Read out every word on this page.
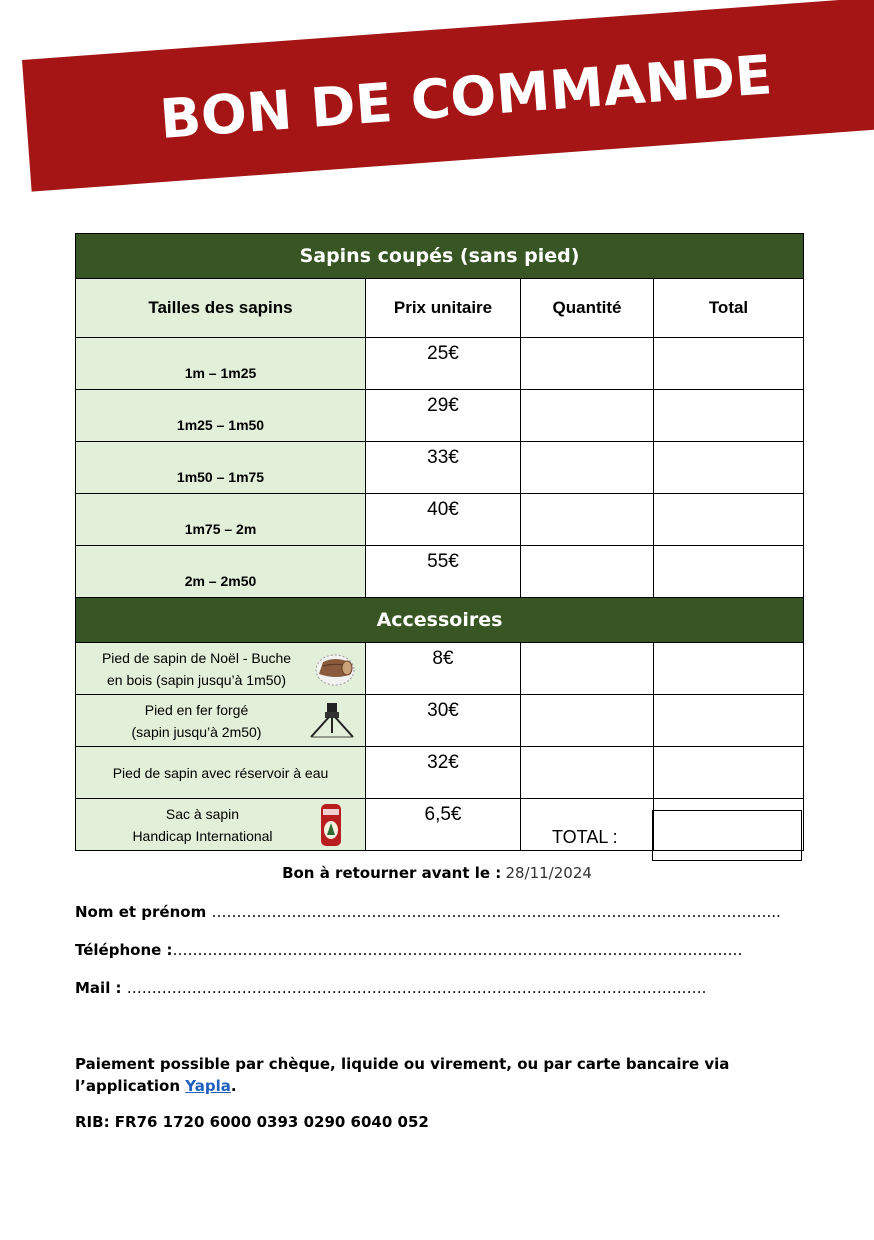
BON DE COMMANDE
Sapins coupés (sans pied)			
Tailles des sapins	Prix unitaire	Quantité	Total
1m – 1m25	25€		
1m25 – 1m50	29€		
1m50 – 1m75	33€		
1m75 – 2m	40€		
2m – 2m50	55€		
Accessoires			

Pied de sapin de Noël - Buche
en bois (sapin jusqu’à 1m50)	8€		

Pied en fer forgé
(sapin jusqu’à 2m50)	30€		

Pied de sapin avec réservoir à eau	32€		

Sac à sapin
Handicap International	6,5€		
TOTAL :
Bon à retourner avant le : 28/11/2024
Nom et prénom …………………………………………………………………………………………………...
Téléphone :……………………………………………………………………………………………………
Mail : ………………………………………………………………………………………………….….
Paiement possible par chèque, liquide ou virement, ou par carte bancaire via l’application Yapla.
RIB: FR76 1720 6000 0393 0290 6040 052
